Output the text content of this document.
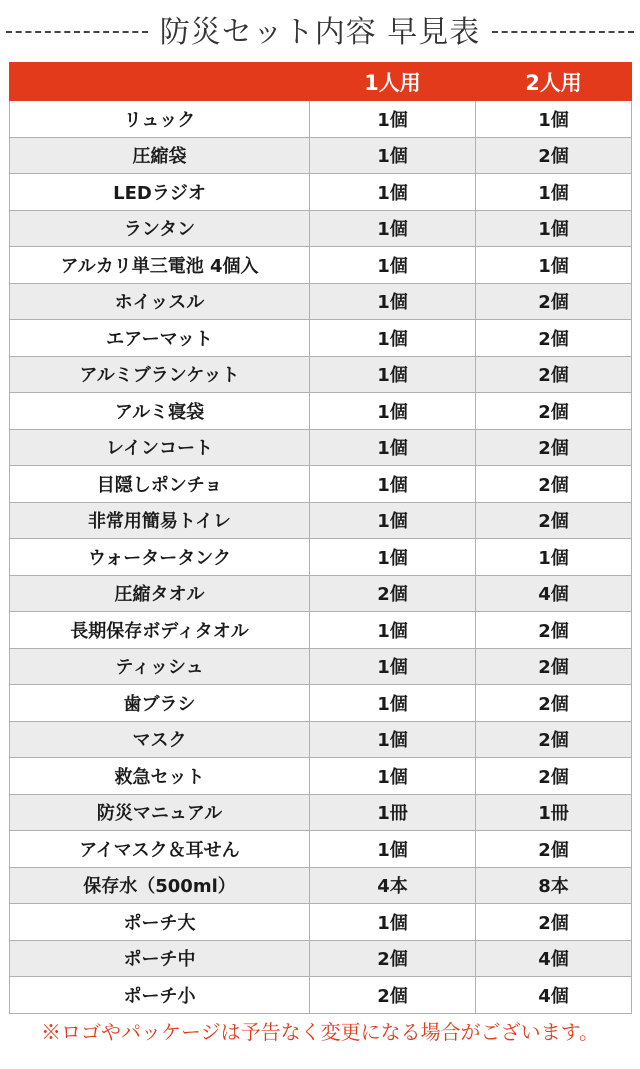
防災セット内容 早見表
	1人用	2人用
リュック	1個	1個
圧縮袋	1個	2個
LEDラジオ	1個	1個
ランタン	1個	1個
アルカリ単三電池 4個入	1個	1個
ホイッスル	1個	2個
エアーマット	1個	2個
アルミブランケット	1個	2個
アルミ寝袋	1個	2個
レインコート	1個	2個
目隠しポンチョ	1個	2個
非常用簡易トイレ	1個	2個
ウォータータンク	1個	1個
圧縮タオル	2個	4個
長期保存ボディタオル	1個	2個
ティッシュ	1個	2個
歯ブラシ	1個	2個
マスク	1個	2個
救急セット	1個	2個
防災マニュアル	1冊	1冊
アイマスク＆耳せん	1個	2個
保存水（500ml）	4本	8本
ポーチ大	1個	2個
ポーチ中	2個	4個
ポーチ小	2個	4個
※ロゴやパッケージは予告なく変更になる場合がございます。
